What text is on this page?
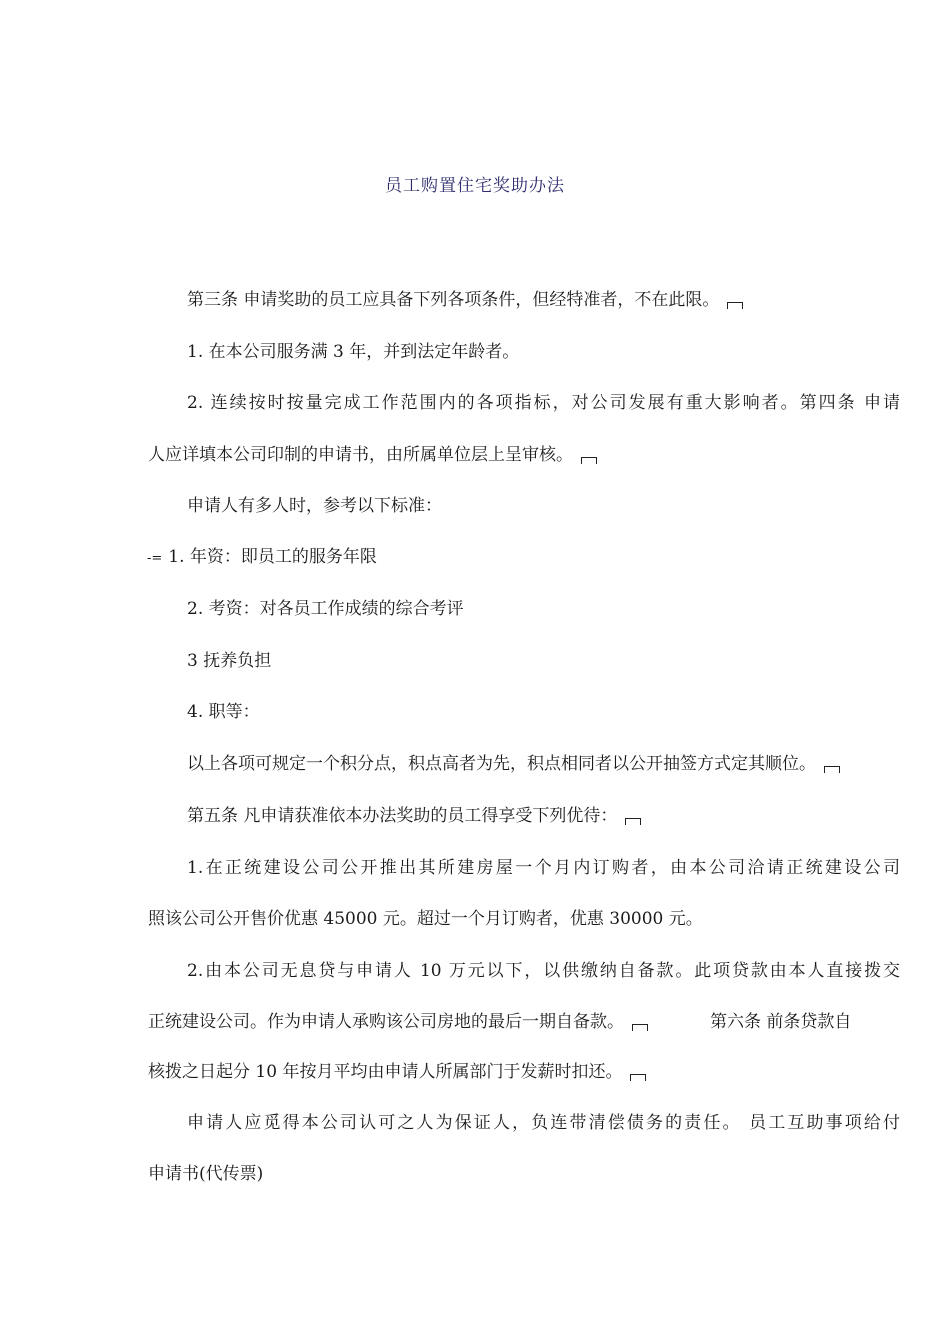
员工购置住宅奖助办法
第三条 申请奖助的员工应具备下列各项条件，但经特准者，不在此限。
1. 在本公司服务满 3 年，并到法定年龄者。
2. 连续按时按量完成工作范围内的各项指标，对公司发展有重大影响者。第四条 申请
人应详填本公司印制的申请书，由所属单位层上呈审核。
申请人有多人时，参考以下标准：
-= 1. 年资：即员工的服务年限
2. 考资：对各员工作成绩的综合考评
3 抚养负担
4. 职等：
以上各项可规定一个积分点，积点高者为先，积点相同者以公开抽签方式定其顺位。
第五条 凡申请获准依本办法奖助的员工得享受下列优待：
1.在正统建设公司公开推出其所建房屋一个月内订购者，由本公司洽请正统建设公司
照该公司公开售价优惠 45000 元。超过一个月订购者，优惠 30000 元。
2.由本公司无息贷与申请人 10 万元以下，以供缴纳自备款。此项贷款由本人直接拨交
正统建设公司。作为申请人承购该公司房地的最后一期自备款。	第六条 前条贷款自
核拨之日起分 10 年按月平均由申请人所属部门于发薪时扣还。
申请人应觅得本公司认可之人为保证人，负连带清偿债务的责任。 员工互助事项给付
申请书(代传票)
